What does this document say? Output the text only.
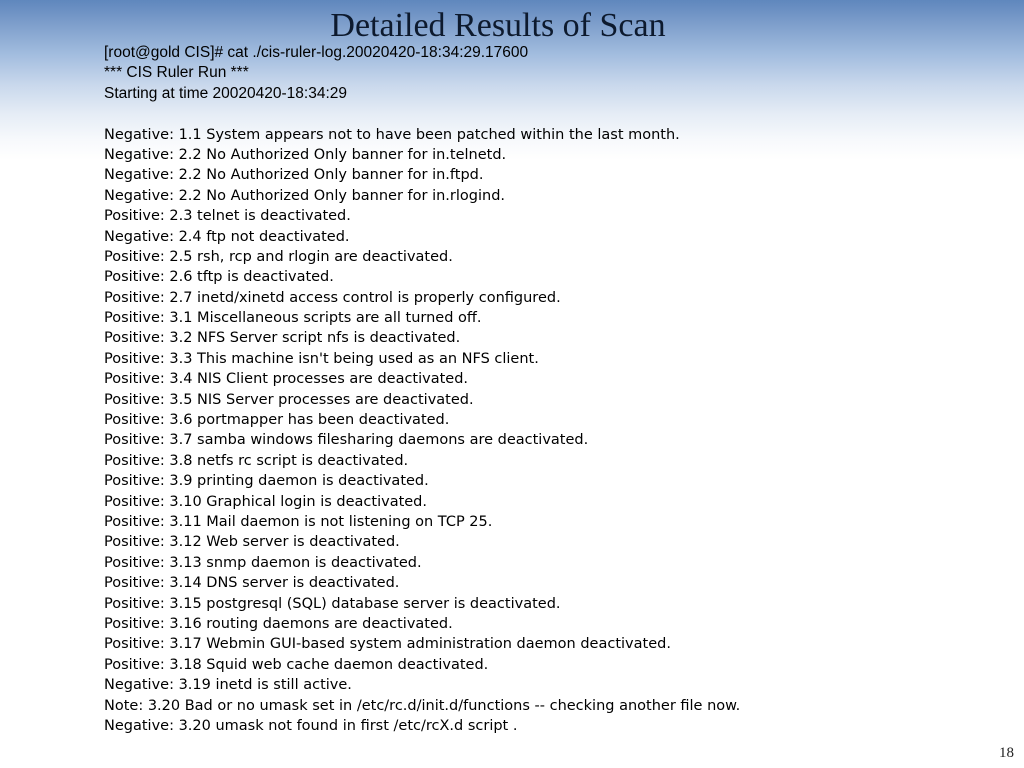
Detailed Results of Scan
[root@gold CIS]# cat ./cis-ruler-log.20020420-18:34:29.17600
*** CIS Ruler Run ***
Starting at time 20020420-18:34:29
Negative: 1.1 System appears not to have been patched within the last month.
Negative: 2.2 No Authorized Only banner for in.telnetd.
Negative: 2.2 No Authorized Only banner for in.ftpd.
Negative: 2.2 No Authorized Only banner for in.rlogind.
Positive: 2.3 telnet is deactivated.
Negative: 2.4 ftp not deactivated.
Positive: 2.5 rsh, rcp and rlogin are deactivated.
Positive: 2.6 tftp is deactivated.
Positive: 2.7 inetd/xinetd access control is properly configured.
Positive: 3.1 Miscellaneous scripts are all turned off.
Positive: 3.2 NFS Server script nfs is deactivated.
Positive: 3.3 This machine isn't being used as an NFS client.
Positive: 3.4 NIS Client processes are deactivated.
Positive: 3.5 NIS Server processes are deactivated.
Positive: 3.6 portmapper has been deactivated.
Positive: 3.7 samba windows filesharing daemons are deactivated.
Positive: 3.8 netfs rc script is deactivated.
Positive: 3.9 printing daemon is deactivated.
Positive: 3.10 Graphical login is deactivated.
Positive: 3.11 Mail daemon is not listening on TCP 25.
Positive: 3.12 Web server is deactivated.
Positive: 3.13 snmp daemon is deactivated.
Positive: 3.14 DNS server is deactivated.
Positive: 3.15 postgresql (SQL) database server is deactivated.
Positive: 3.16 routing daemons are deactivated.
Positive: 3.17 Webmin GUI-based system administration daemon deactivated.
Positive: 3.18 Squid web cache daemon deactivated.
Negative: 3.19 inetd is still active.
Note: 3.20 Bad or no umask set in /etc/rc.d/init.d/functions -- checking another file now.
Negative: 3.20 umask not found in first /etc/rcX.d script .
18
